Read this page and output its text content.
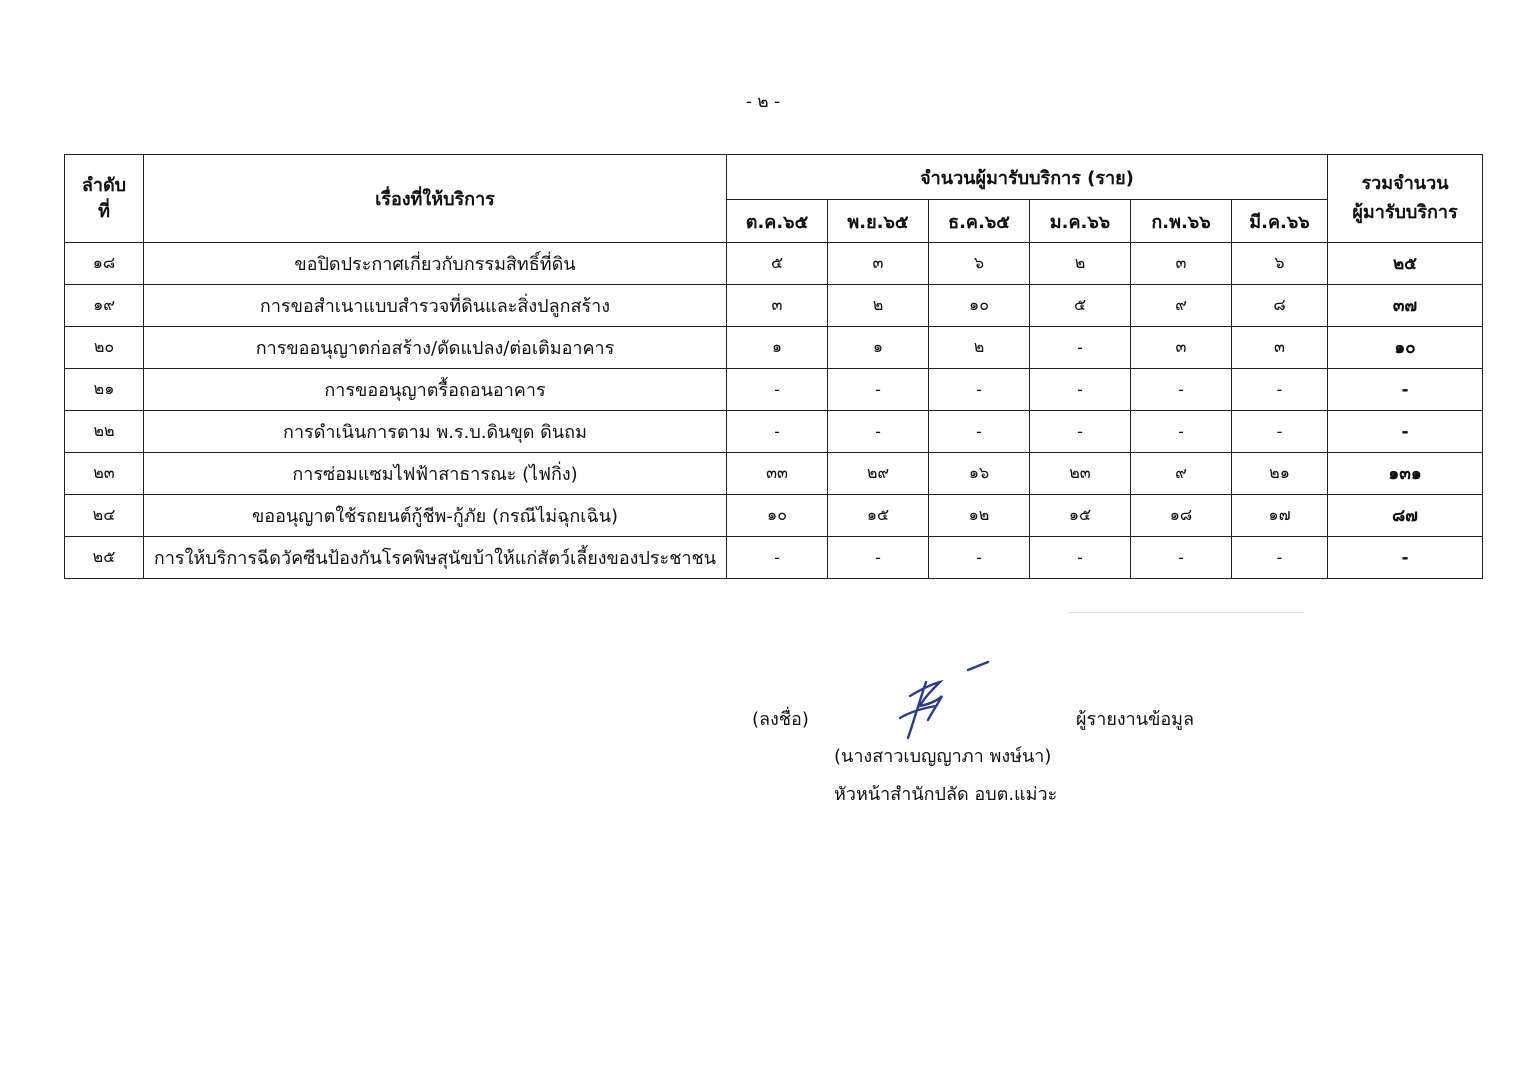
- ๒ -
ลำดับ
ที่	เรื่องที่ให้บริการ	จำนวนผู้มารับบริการ (ราย)						รวมจำนวน
ผู้มารับบริการ
		ต.ค.๖๕	พ.ย.๖๕	ธ.ค.๖๕	ม.ค.๖๖	ก.พ.๖๖	มี.ค.๖๖	
๑๘	ขอปิดประกาศเกี่ยวกับกรรมสิทธิ์ที่ดิน	๕	๓	๖	๒	๓	๖	๒๕
๑๙	การขอสำเนาแบบสำรวจที่ดินและสิ่งปลูกสร้าง	๓	๒	๑๐	๕	๙	๘	๓๗
๒๐	การขออนุญาตก่อสร้าง/ดัดแปลง/ต่อเติมอาคาร	๑	๑	๒	-	๓	๓	๑๐
๒๑	การขออนุญาตรื้อถอนอาคาร	-	-	-	-	-	-	-
๒๒	การดำเนินการตาม พ.ร.บ.ดินขุด ดินถม	-	-	-	-	-	-	-
๒๓	การซ่อมแซมไฟฟ้าสาธารณะ (ไฟกิ่ง)	๓๓	๒๙	๑๖	๒๓	๙	๒๑	๑๓๑
๒๔	ขออนุญาตใช้รถยนต์กู้ชีพ-กู้ภัย (กรณีไม่ฉุกเฉิน)	๑๐	๑๕	๑๒	๑๕	๑๘	๑๗	๘๗
๒๕	การให้บริการฉีดวัคซีนป้องกันโรคพิษสุนัขบ้าให้แก่สัตว์เลี้ยงของประชาชน	-	-	-	-	-	-	-
(ลงชื่อ)	ผู้รายงานข้อมูล
(นางสาวเบญญาภา พงษ์นา)
หัวหน้าสำนักปลัด อบต.แม่วะ
